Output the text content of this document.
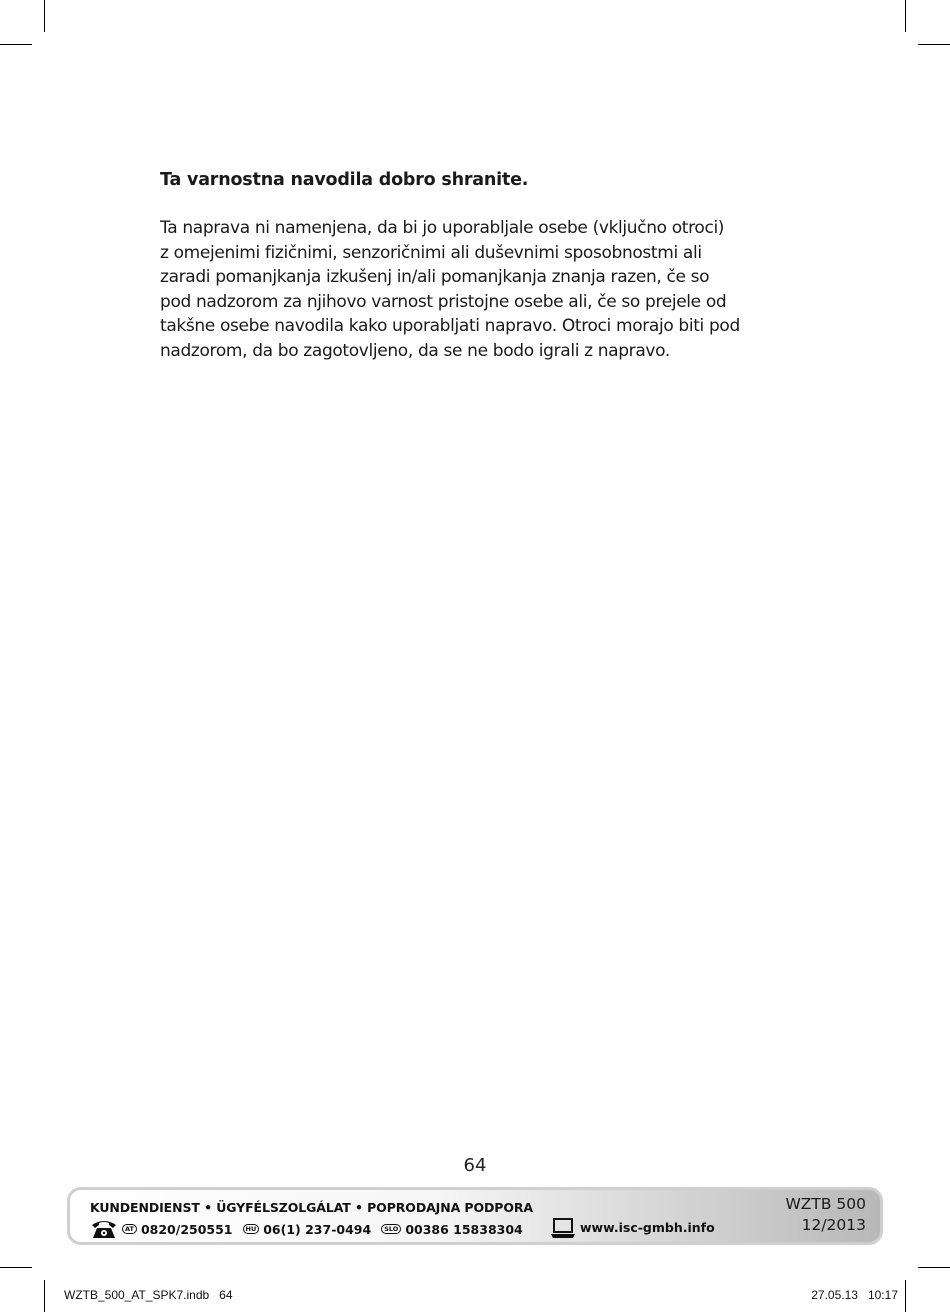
Ta varnostna navodila dobro shranite.

Ta naprava ni namenjena, da bi jo uporabljale osebe (vključno otroci)
z omejenimi fizičnimi, senzoričnimi ali duševnimi sposobnostmi ali
zaradi pomanjkanja izkušenj in/ali pomanjkanja znanja razen, če so
pod nadzorom za njihovo varnost pristojne osebe ali, če so prejele od
takšne osebe navodila kako uporabljati napravo. Otroci morajo biti pod
nadzorom, da bo zagotovljeno, da se ne bodo igrali z napravo.

64
KUNDENDIENST • ÜGYFÉLSZOLGÁLAT • POPRODAJNA PODPORA
AT 0820/250551	HU 06(1) 237-0494	SLO 00386 15838304	www.isc-gmbh.info
WZTB 500
12/2013
WZTB_500_AT_SPK7.indb   64	27.05.13   10:17
